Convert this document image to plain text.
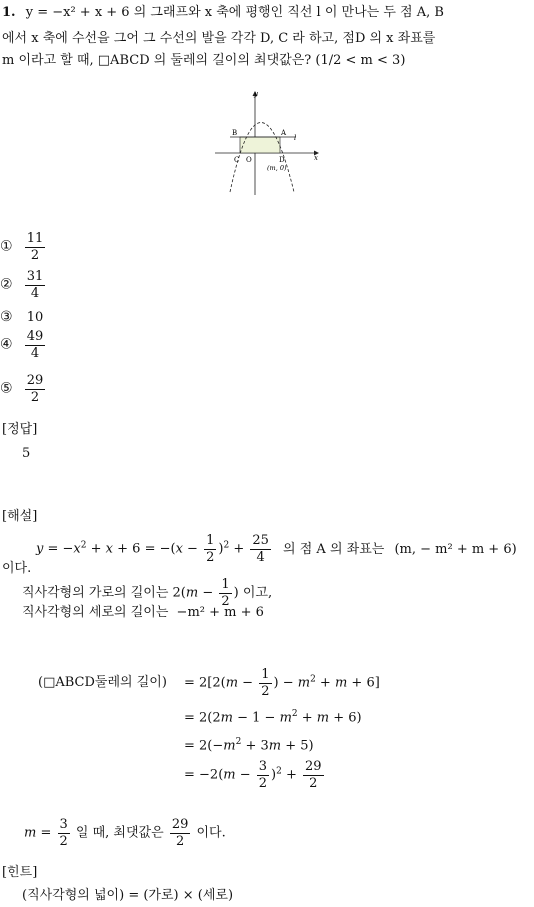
1. y = −x² + x + 6 의 그래프와 x 축에 평행인 직선 l 이 만나는 두 점 A, B
에서 x 축에 수선을 그어 그 수선의 발을 각각 D, C 라 하고, 점D 의 x 좌표를
m 이라고 할 때, □ABCD 의 둘레의 길이의 최댓값은? (1/2 < m < 3)
y
B	A
l
C O	D
(m, 0)
x
① $\frac{11}{2}$
② $\frac{31}{4}$
③ 10
④ $\frac{49}{4}$
⑤ $\frac{29}{2}$
[정답]
5
[해설]
$y = -x^2 + x + 6 = -(x - \frac{1}{2} )^2 + \frac{25}{4}$ 의 점 A 의 좌표는 (m, − m² + m + 6)
이다.
직사각형의 가로의 길이는 $2(m - \frac{1}{2}$ ) 이고,
직사각형의 세로의 길이는 −m² + m + 6
(□ABCD둘레의 길이) = $2[2(m - \frac{1}{2}$ ) − $m^2 + m + 6$]
= $2(2m - 1 - m^2 + m + 6)$
= $2(-m^2 + 3m + 5)$
= $-2(m - \frac{3}{2} )^2 + \frac{29}{2}$
$m = \frac{3}{2}$ 일 때, 최댓값은 $\frac{29}{2}$ 이다.
[힌트]
(직사각형의 넓이) = (가로) × (세로)
